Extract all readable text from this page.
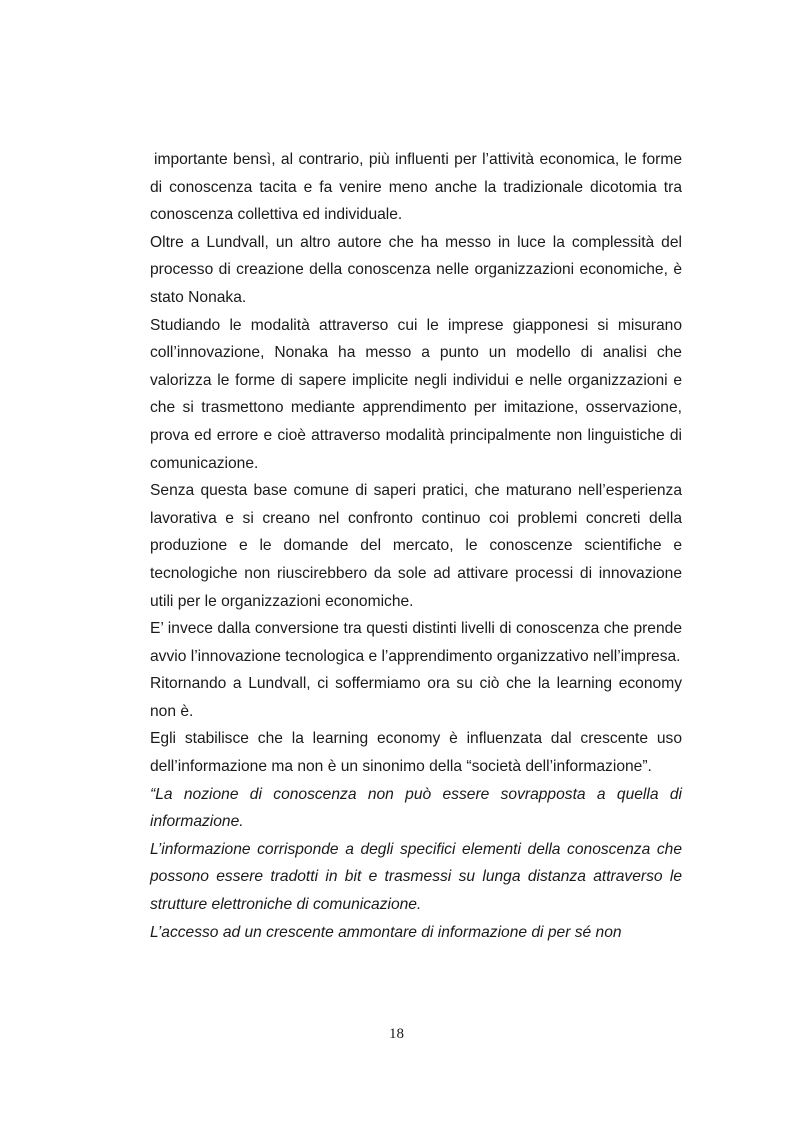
importante bensì, al contrario, più influenti per l’attività economica, le forme di conoscenza tacita e fa venire meno anche la tradizionale dicotomia tra conoscenza collettiva ed individuale.

Oltre a Lundvall, un altro autore che ha messo in luce la complessità del processo di creazione della conoscenza nelle organizzazioni economiche, è stato Nonaka.

Studiando le modalità attraverso cui le imprese giapponesi si misurano coll’innovazione, Nonaka ha messo a punto un modello di analisi che valorizza le forme di sapere implicite negli individui e nelle organizzazioni e che si trasmettono mediante apprendimento per imitazione, osservazione, prova ed errore e cioè attraverso modalità principalmente non linguistiche di comunicazione.

Senza questa base comune di saperi pratici, che maturano nell’esperienza lavorativa e si creano nel confronto continuo coi problemi concreti della produzione e le domande del mercato, le conoscenze scientifiche e tecnologiche non riuscirebbero da sole ad attivare processi di innovazione utili per le organizzazioni economiche.

E’ invece dalla conversione tra questi distinti livelli di conoscenza che prende avvio l’innovazione tecnologica e l’apprendimento organizzativo nell’impresa.

Ritornando a Lundvall, ci soffermiamo ora su ciò che la learning economy non è.

Egli stabilisce che la learning economy è influenzata dal crescente uso dell’informazione ma non è un sinonimo della “società dell’informazione”.

“La nozione di conoscenza non può essere sovrapposta a quella di informazione.

L’informazione corrisponde a degli specifici elementi della conoscenza che possono essere tradotti in bit e trasmessi su lunga distanza attraverso le strutture elettroniche di comunicazione.

L’accesso ad un crescente ammontare di informazione di per sé non

18
